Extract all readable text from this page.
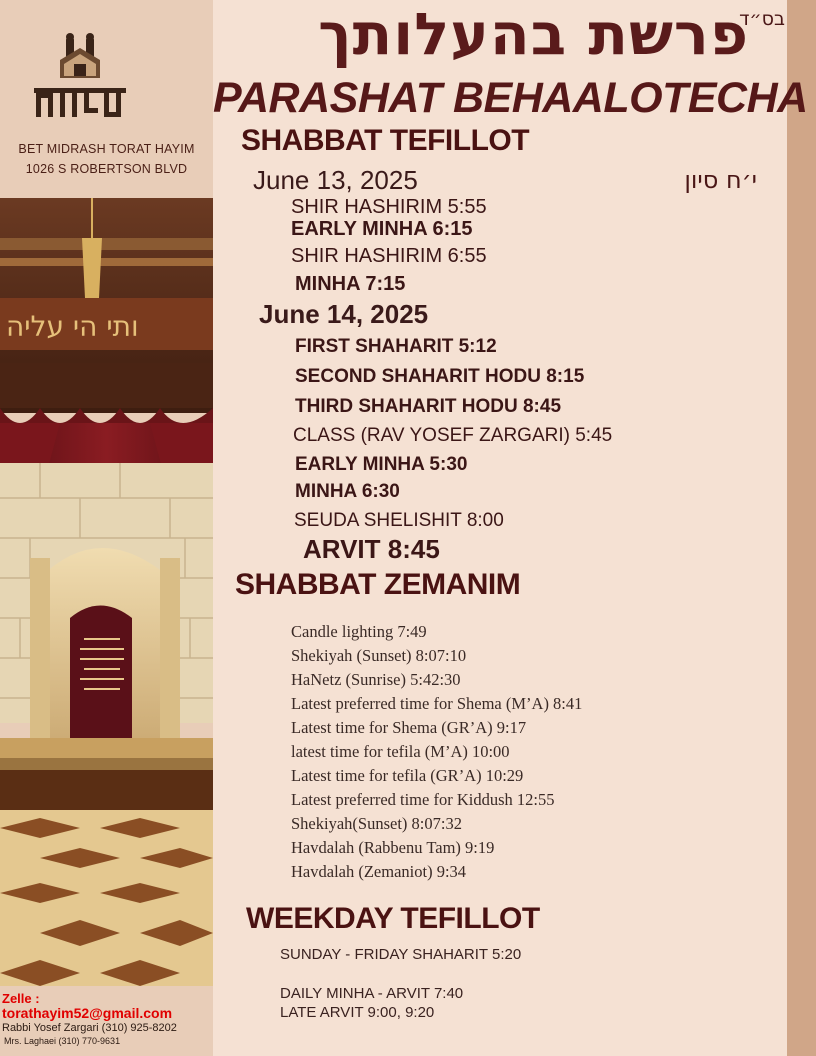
BET MIDRASH TORAT HAYIM
1026 S ROBERTSON BLVD
ותי הי עליה
Zelle :
torathayim52@gmail.com
Rabbi Yosef Zargari (310) 925-8202
Mrs. Laghaei (310) 770-9631
בס״ד
פרשת בהעלותך
PARASHAT BEHAALOTECHA
SHABBAT TEFILLOT
June 13, 2025	י׳ח סיון
SHIR HASHIRIM 5:55
EARLY MINHA 6:15
SHIR HASHIRIM 6:55
MINHA 7:15
June 14, 2025
FIRST SHAHARIT 5:12
SECOND SHAHARIT HODU 8:15
THIRD SHAHARIT HODU 8:45
CLASS (RAV YOSEF ZARGARI) 5:45
EARLY MINHA 5:30
MINHA 6:30
SEUDA SHELISHIT 8:00
ARVIT 8:45
SHABBAT ZEMANIM
Candle lighting 7:49
Shekiyah (Sunset) 8:07:10
HaNetz (Sunrise) 5:42:30
Latest preferred time for Shema (M’A) 8:41
Latest time for Shema (GR’A) 9:17
latest time for tefila (M’A) 10:00
Latest time for tefila (GR’A) 10:29
Latest preferred time for Kiddush 12:55
Shekiyah(Sunset) 8:07:32
Havdalah (Rabbenu Tam) 9:19
Havdalah (Zemaniot) 9:34
WEEKDAY TEFILLOT
SUNDAY - FRIDAY SHAHARIT 5:20
DAILY MINHA - ARVIT 7:40
LATE ARVIT 9:00, 9:20
